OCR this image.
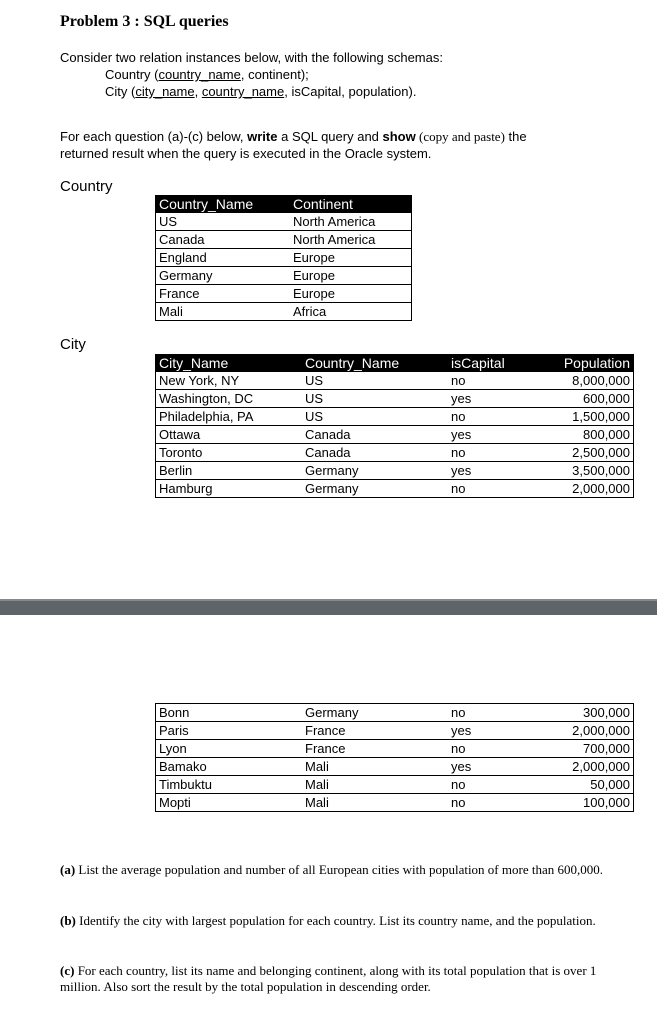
Problem 3 : SQL queries
Consider two relation instances below, with the following schemas:
Country (country_name, continent);
City (city_name, country_name, isCapital, population).
For each question (a)-(c) below, write a SQL query and show (copy and paste) the
returned result when the query is executed in the Oracle system.
Country
Country_Name	Continent
US	North America
Canada	North America
England	Europe
Germany	Europe
France	Europe
Mali	Africa
City
City_Name	Country_Name	isCapital	Population
New York, NY	US	no	8,000,000
Washington, DC	US	yes	600,000
Philadelphia, PA	US	no	1,500,000
Ottawa	Canada	yes	800,000
Toronto	Canada	no	2,500,000
Berlin	Germany	yes	3,500,000
Hamburg	Germany	no	2,000,000
Bonn	Germany	no	300,000
Paris	France	yes	2,000,000
Lyon	France	no	700,000
Bamako	Mali	yes	2,000,000
Timbuktu	Mali	no	50,000
Mopti	Mali	no	100,000
(a) List the average population and number of all European cities with population of more than 600,000.
(b) Identify the city with largest population for each country. List its country name, and the population.
(c) For each country, list its name and belonging continent, along with its total population that is over 1 million. Also sort the result by the total population in descending order.
